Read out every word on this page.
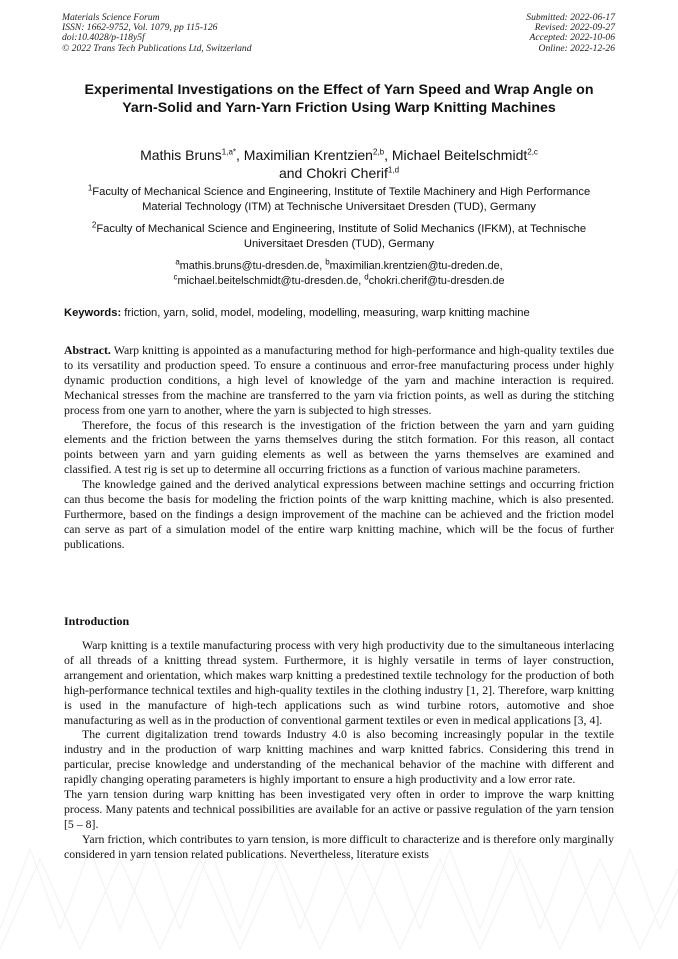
Materials Science Forum
ISSN: 1662-9752, Vol. 1079, pp 115-126
doi:10.4028/p-118y5f
© 2022 Trans Tech Publications Ltd, Switzerland
Submitted: 2022-06-17
Revised: 2022-09-27
Accepted: 2022-10-06
Online: 2022-12-26
Experimental Investigations on the Effect of Yarn Speed and Wrap Angle on Yarn-Solid and Yarn-Yarn Friction Using Warp Knitting Machines
Mathis Bruns$^{1,a*}$, Maximilian Krentzien$^{2,b}$, Michael Beitelschmidt$^{2,c}$
and Chokri Cherif$^{1,d}$
$^1$Faculty of Mechanical Science and Engineering, Institute of Textile Machinery and High Performance Material Technology (ITM) at Technische Universitaet Dresden (TUD), Germany
$^2$Faculty of Mechanical Science and Engineering, Institute of Solid Mechanics (IFKM), at Technische Universitaet Dresden (TUD), Germany
$^a$mathis.bruns@tu-dresden.de, $^b$maximilian.krentzien@tu-dreden.de,
$^c$michael.beitelschmidt@tu-dresden.de, $^d$chokri.cherif@tu-dresden.de
Keywords: friction, yarn, solid, model, modeling, modelling, measuring, warp knitting machine

Abstract. Warp knitting is appointed as a manufacturing method for high-performance and high-quality textiles due to its versatility and production speed. To ensure a continuous and error-free manufacturing process under highly dynamic production conditions, a high level of knowledge of the yarn and machine interaction is required. Mechanical stresses from the machine are transferred to the yarn via friction points, as well as during the stitching process from one yarn to another, where the yarn is subjected to high stresses.

Therefore, the focus of this research is the investigation of the friction between the yarn and yarn guiding elements and the friction between the yarns themselves during the stitch formation. For this reason, all contact points between yarn and yarn guiding elements as well as between the yarns themselves are examined and classified. A test rig is set up to determine all occurring frictions as a function of various machine parameters.

The knowledge gained and the derived analytical expressions between machine settings and occurring friction can thus become the basis for modeling the friction points of the warp knitting machine, which is also presented. Furthermore, based on the findings a design improvement of the machine can be achieved and the friction model can serve as part of a simulation model of the entire warp knitting machine, which will be the focus of further publications.

Introduction

Warp knitting is a textile manufacturing process with very high productivity due to the simultaneous interlacing of all threads of a knitting thread system. Furthermore, it is highly versatile in terms of layer construction, arrangement and orientation, which makes warp knitting a predestined textile technology for the production of both high-performance technical textiles and high-quality textiles in the clothing industry [1, 2]. Therefore, warp knitting is used in the manufacture of high-tech applications such as wind turbine rotors, automotive and shoe manufacturing as well as in the production of conventional garment textiles or even in medical applications [3, 4].

The current digitalization trend towards Industry 4.0 is also becoming increasingly popular in the textile industry and in the production of warp knitting machines and warp knitted fabrics. Considering this trend in particular, precise knowledge and understanding of the mechanical behavior of the machine with different and rapidly changing operating parameters is highly important to ensure a high productivity and a low error rate.

The yarn tension during warp knitting has been investigated very often in order to improve the warp knitting process. Many patents and technical possibilities are available for an active or passive regulation of the yarn tension [5 – 8].

Yarn friction, which contributes to yarn tension, is more difficult to characterize and is therefore only marginally considered in yarn tension related publications. Nevertheless, literature exists
